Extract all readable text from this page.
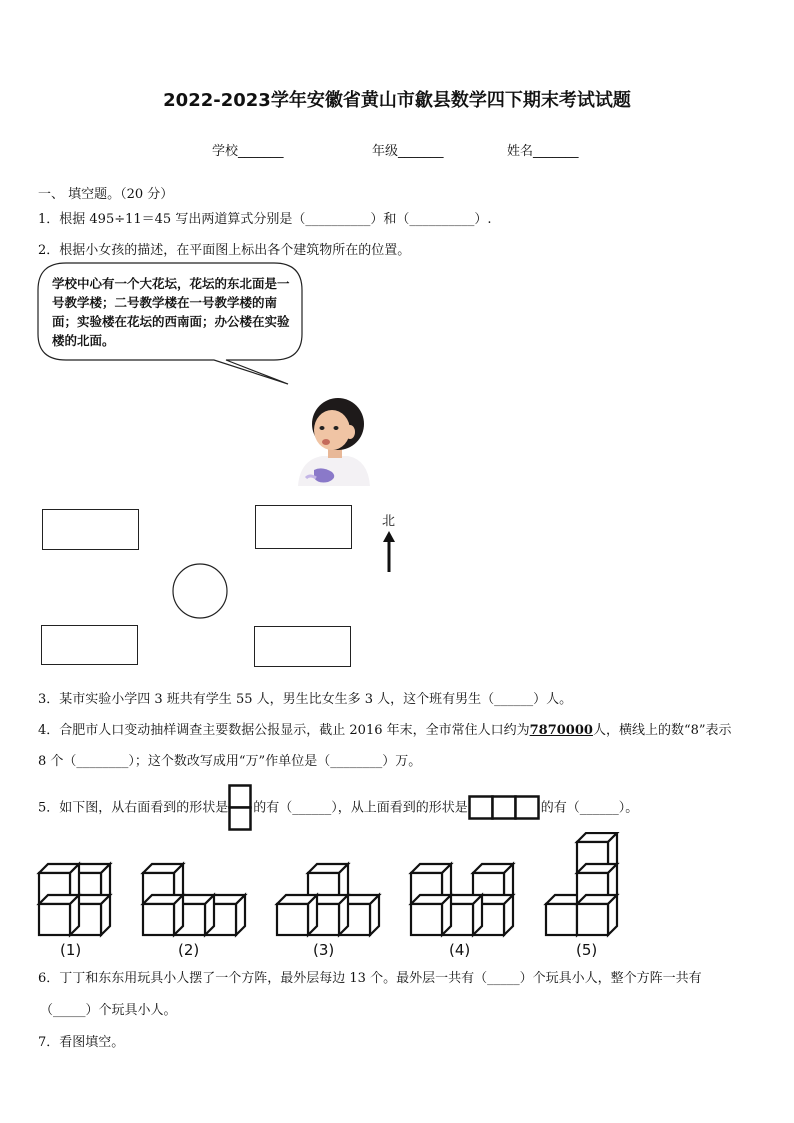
2022-2023学年安徽省黄山市歙县数学四下期末考试试题
学校_______	年级_______	姓名_______
一、 填空题。（20 分）
1．根据 495÷11＝45 写出两道算式分别是（__________）和（__________）.
2．根据小女孩的描述，在平面图上标出各个建筑物所在的位置。
学校中心有一个大花坛，花坛的东北面是一号教学楼；二号教学楼在一号教学楼的南面；实验楼在花坛的西南面；办公楼在实验楼的北面。
北
3．某市实验小学四 3 班共有学生 55 人，男生比女生多 3 人，这个班有男生（______）人。
4．合肥市人口变动抽样调查主要数据公报显示，截止 2016 年末，全市常住人口约为7870000人，横线上的数“8”表示
8 个（________）；这个数改写成用“万”作单位是（________）万。
5．如下图，从右面看到的形状是 的有（______），从上面看到的形状是	的有（______）。
(1)	(2)	(3)	(4)	(5)
6．丁丁和东东用玩具小人摆了一个方阵，最外层每边 13 个。最外层一共有（_____）个玩具小人，整个方阵一共有
（_____）个玩具小人。
7．看图填空。
